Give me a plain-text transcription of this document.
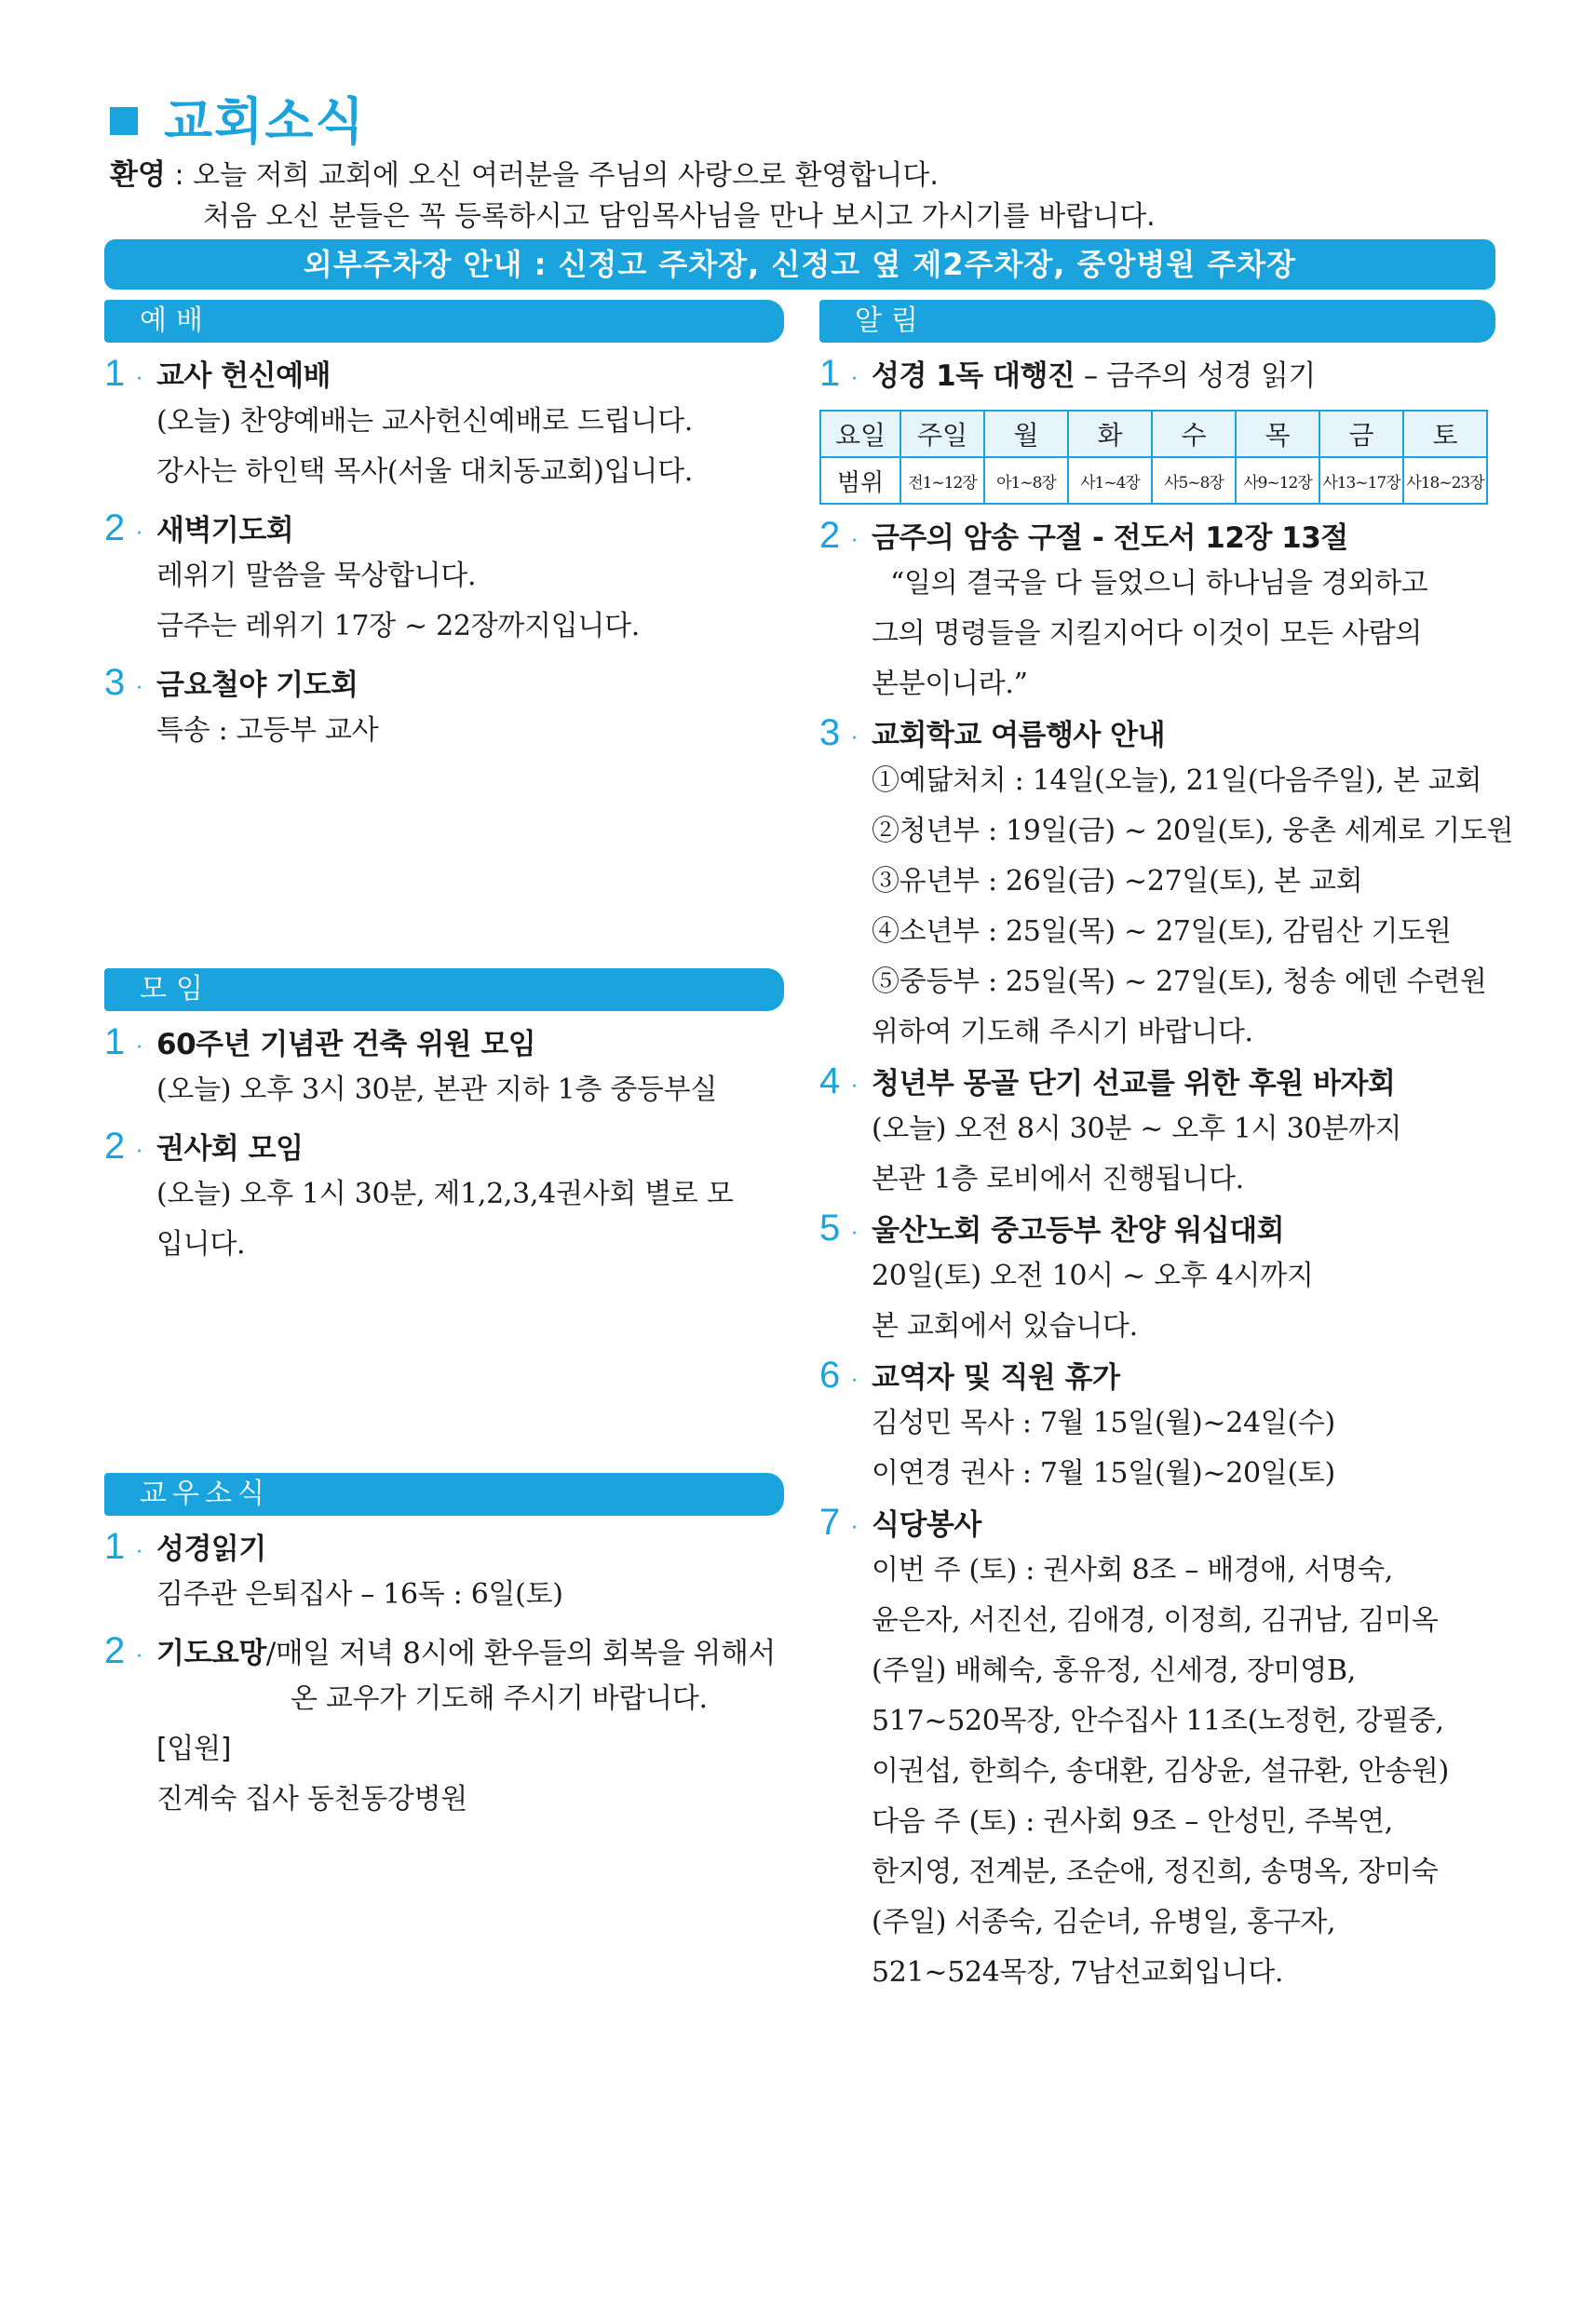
교회소식
환영 : 오늘 저희 교회에 오신 여러분을 주님의 사랑으로 환영합니다.
처음 오신 분들은 꼭 등록하시고 담임목사님을 만나 보시고 가시기를 바랍니다.
외부주차장 안내 : 신정고 주차장, 신정고 옆 제2주차장, 중앙병원 주차장
예배
1 · 교사 헌신예배
(오늘) 찬양예배는 교사헌신예배로 드립니다.
강사는 하인택 목사(서울 대치동교회)입니다.
2 · 새벽기도회
레위기 말씀을 묵상합니다.
금주는 레위기 17장 ~ 22장까지입니다.
3 · 금요철야 기도회
특송 : 고등부 교사
모임
1 · 60주년 기념관 건축 위원 모임
(오늘) 오후 3시 30분, 본관 지하 1층 중등부실
2 · 권사회 모임
(오늘) 오후 1시 30분, 제1,2,3,4권사회 별로 모
입니다.
교우소식
1 · 성경읽기
김주관 은퇴집사 – 16독 : 6일(토)
2 · 기도요망/매일 저녁 8시에 환우들의 회복을 위해서
온 교우가 기도해 주시기 바랍니다.
[입원]
진계숙 집사 동천동강병원
알림
1 · 성경 1독 대행진 – 금주의 성경 읽기
요일	주일	월	화	수	목	금	토
범위	전1~12장	아1~8장	사1~4장	사5~8장	사9~12장	사13~17장	사18~23장
2 · 금주의 암송 구절 - 전도서 12장 13절
“일의 결국을 다 들었으니 하나님을 경외하고
그의 명령들을 지킬지어다 이것이 모든 사람의
본분이니라.”
3 · 교회학교 여름행사 안내
①예닮처치 : 14일(오늘), 21일(다음주일), 본 교회
②청년부 : 19일(금) ~ 20일(토), 웅촌 세계로 기도원
③유년부 : 26일(금) ~27일(토), 본 교회
④소년부 : 25일(목) ~ 27일(토), 감림산 기도원
⑤중등부 : 25일(목) ~ 27일(토), 청송 에덴 수련원
위하여 기도해 주시기 바랍니다.
4 · 청년부 몽골 단기 선교를 위한 후원 바자회
(오늘) 오전 8시 30분 ~ 오후 1시 30분까지
본관 1층 로비에서 진행됩니다.
5 · 울산노회 중고등부 찬양 워십대회
20일(토) 오전 10시 ~ 오후 4시까지
본 교회에서 있습니다.
6 · 교역자 및 직원 휴가
김성민 목사 : 7월 15일(월)~24일(수)
이연경 권사 : 7월 15일(월)~20일(토)
7 · 식당봉사
이번 주 (토) : 권사회 8조 – 배경애, 서명숙,
윤은자, 서진선, 김애경, 이정희, 김귀남, 김미옥
(주일) 배혜숙, 홍유정, 신세경, 장미영B,
517~520목장, 안수집사 11조(노정헌, 강필중,
이권섭, 한희수, 송대환, 김상윤, 설규환, 안송원)
다음 주 (토) : 권사회 9조 – 안성민, 주복연,
한지영, 전계분, 조순애, 정진희, 송명옥, 장미숙
(주일) 서종숙, 김순녀, 유병일, 홍구자,
521~524목장, 7남선교회입니다.
